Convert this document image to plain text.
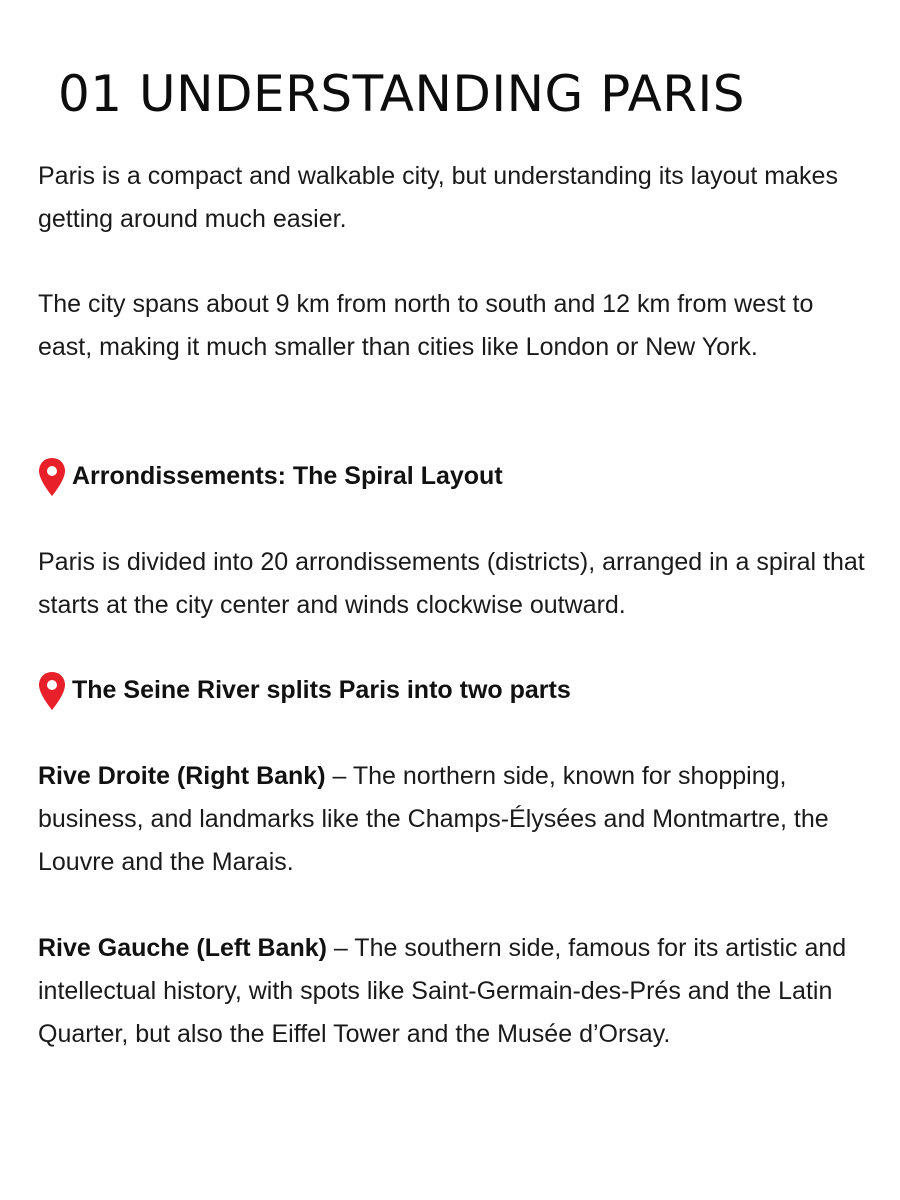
01 UNDERSTANDING PARIS

Paris is a compact and walkable city, but understanding its layout makes getting around much easier.

The city spans about 9 km from north to south and 12 km from west to east, making it much smaller than cities like London or New York.

Arrondissements: The Spiral Layout

Paris is divided into 20 arrondissements (districts), arranged in a spiral that starts at the city center and winds clockwise outward.

The Seine River splits Paris into two parts

Rive Droite (Right Bank) – The northern side, known for shopping, business, and landmarks like the Champs-Élysées and Montmartre, the Louvre and the Marais.

Rive Gauche (Left Bank) – The southern side, famous for its artistic and intellectual history, with spots like Saint-Germain-des-Prés and the Latin Quarter, but also the Eiffel Tower and the Musée d’Orsay.
